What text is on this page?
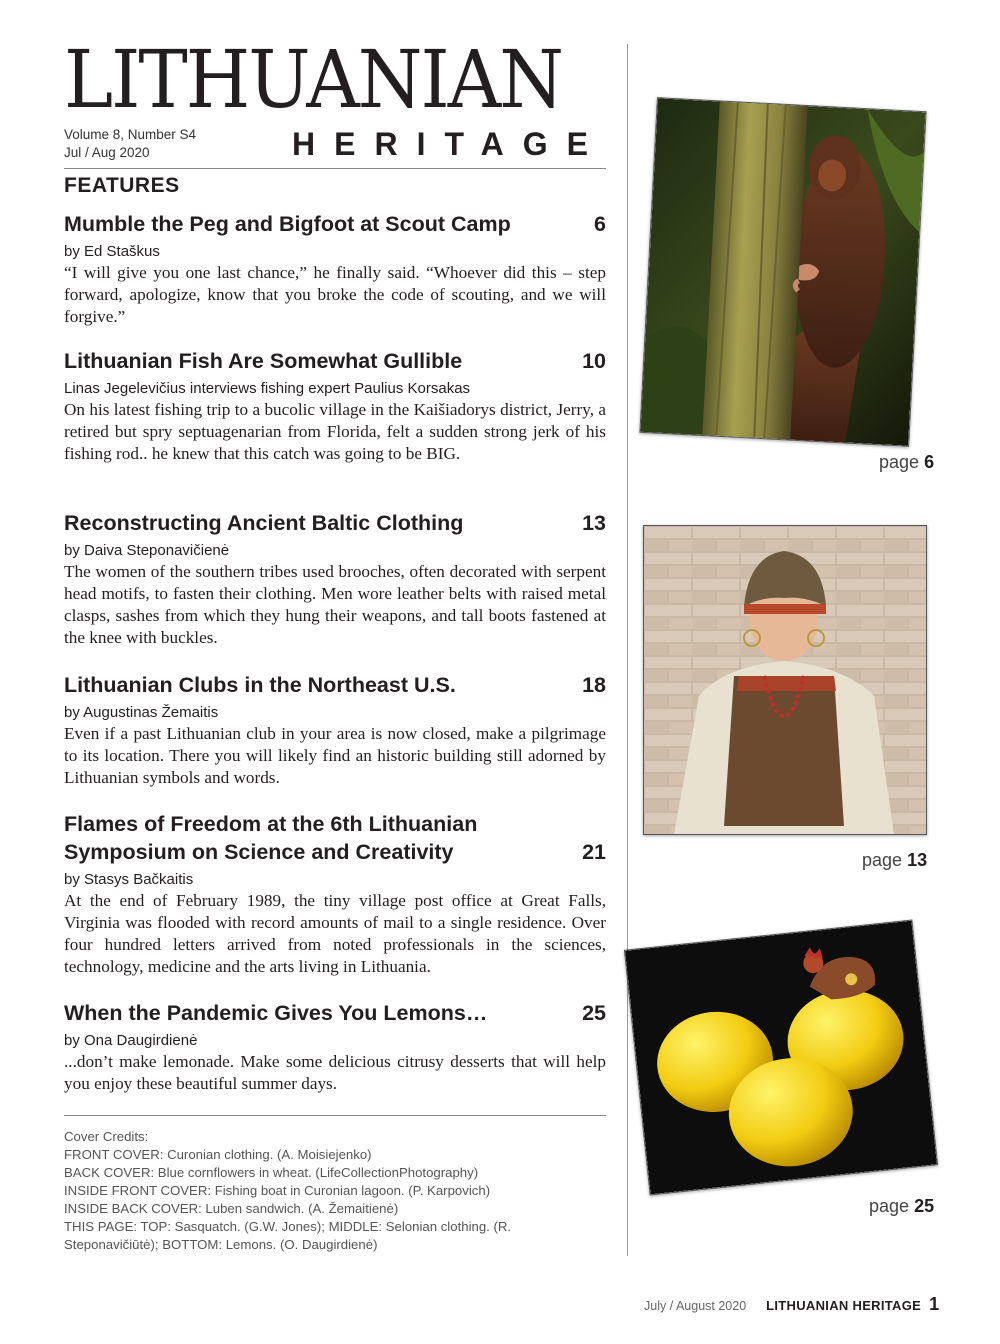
LITHUANIAN
Volume 8, Number S4
Jul / Aug 2020	HERITAGE
FEATURES
Mumble the Peg and Bigfoot at Scout Camp	6
by Ed Staškus

“I will give you one last chance,” he finally said. “Whoever did this – step forward, apologize, know that you broke the code of scouting, and we will forgive.”

Lithuanian Fish Are Somewhat Gullible	10
Linas Jegelevičius interviews fishing expert Paulius Korsakas

On his latest fishing trip to a bucolic village in the Kaišiadorys district, Jerry, a retired but spry septuagenarian from Florida, felt a sudden strong jerk of his fishing rod.. he knew that this catch was going to be BIG.

Reconstructing Ancient Baltic Clothing	13
by Daiva Steponavičienė

The women of the southern tribes used brooches, often decorated with serpent head motifs, to fasten their clothing. Men wore leather belts with raised metal clasps, sashes from which they hung their weapons, and tall boots fastened at the knee with buckles.

Lithuanian Clubs in the Northeast U.S.	18
by Augustinas Žemaitis

Even if a past Lithuanian club in your area is now closed, make a pilgrimage to its location. There you will likely find an historic building still adorned by Lithuanian symbols and words.

Flames of Freedom at the 6th Lithuanian Symposium on Science and Creativity	21
by Stasys Bačkaitis

At the end of February 1989, the tiny village post office at Great Falls, Virginia was flooded with record amounts of mail to a single residence. Over four hundred letters arrived from noted professionals in the sciences, technology, medicine and the arts living in Lithuania.

When the Pandemic Gives You Lemons…	25
by Ona Daugirdienė

...don’t make lemonade. Make some delicious citrusy desserts that will help you enjoy these beautiful summer days.

Cover Credits:
FRONT COVER: Curonian clothing. (A. Moisiejenko)
BACK COVER: Blue cornflowers in wheat. (LifeCollectionPhotography)
INSIDE FRONT COVER: Fishing boat in Curonian lagoon. (P. Karpovich)
INSIDE BACK COVER: Luben sandwich. (A. Žemaitienė)
THIS PAGE: TOP: Sasquatch. (G.W. Jones); MIDDLE: Selonian clothing. (R. Steponavičiūtė); BOTTOM: Lemons. (O. Daugirdienė)
page 6
page 13
page 25
July / August 2020 LITHUANIAN HERITAGE 1
